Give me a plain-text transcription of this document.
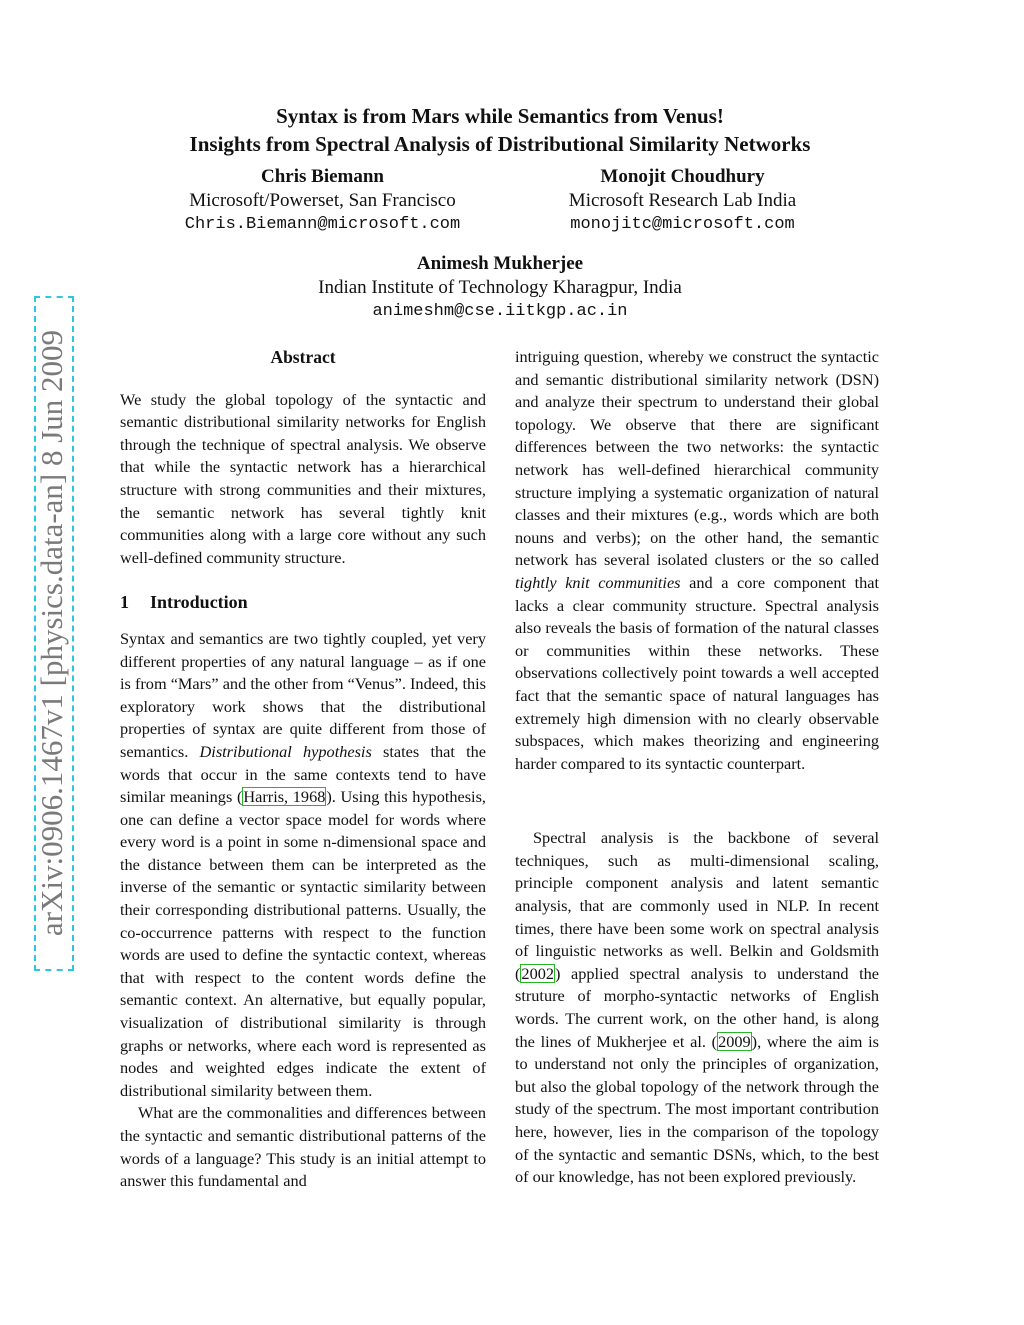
arXiv:0906.1467v1 [physics.data-an] 8 Jun 2009
Syntax is from Mars while Semantics from Venus!
Insights from Spectral Analysis of Distributional Similarity Networks
Chris Biemann
Microsoft/Powerset, San Francisco
Chris.Biemann@microsoft.com
Monojit Choudhury
Microsoft Research Lab India
monojitc@microsoft.com
Animesh Mukherjee
Indian Institute of Technology Kharagpur, India
animeshm@cse.iitkgp.ac.in
Abstract

We study the global topology of the syntactic and semantic distributional similarity networks for English through the technique of spectral analysis. We observe that while the syntactic network has a hierarchical structure with strong communities and their mixtures, the semantic network has several tightly knit communities along with a large core without any such well-defined community structure.

1 Introduction

Syntax and semantics are two tightly coupled, yet very different properties of any natural language – as if one is from “Mars” and the other from “Venus”. Indeed, this exploratory work shows that the distributional properties of syntax are quite different from those of semantics. Distributional hypothesis states that the words that occur in the same contexts tend to have similar meanings (Harris, 1968). Using this hypothesis, one can define a vector space model for words where every word is a point in some n-dimensional space and the distance between them can be interpreted as the inverse of the semantic or syntactic similarity between their corresponding distributional patterns. Usually, the co-occurrence patterns with respect to the function words are used to define the syntactic context, whereas that with respect to the content words define the semantic context. An alternative, but equally popular, visualization of distributional similarity is through graphs or networks, where each word is represented as nodes and weighted edges indicate the extent of distributional similarity between them.

What are the commonalities and differences between the syntactic and semantic distributional patterns of the words of a language? This study is an initial attempt to answer this fundamental and

intriguing question, whereby we construct the syntactic and semantic distributional similarity network (DSN) and analyze their spectrum to understand their global topology. We observe that there are significant differences between the two networks: the syntactic network has well-defined hierarchical community structure implying a systematic organization of natural classes and their mixtures (e.g., words which are both nouns and verbs); on the other hand, the semantic network has several isolated clusters or the so called tightly knit communities and a core component that lacks a clear community structure. Spectral analysis also reveals the basis of formation of the natural classes or communities within these networks. These observations collectively point towards a well accepted fact that the semantic space of natural languages has extremely high dimension with no clearly observable subspaces, which makes theorizing and engineering harder compared to its syntactic counterpart.

Spectral analysis is the backbone of several techniques, such as multi-dimensional scaling, principle component analysis and latent semantic analysis, that are commonly used in NLP. In recent times, there have been some work on spectral analysis of linguistic networks as well. Belkin and Goldsmith (2002) applied spectral analysis to understand the struture of morpho-syntactic networks of English words. The current work, on the other hand, is along the lines of Mukherjee et al. (2009), where the aim is to understand not only the principles of organization, but also the global topology of the network through the study of the spectrum. The most important contribution here, however, lies in the comparison of the topology of the syntactic and semantic DSNs, which, to the best of our knowledge, has not been explored previously.
